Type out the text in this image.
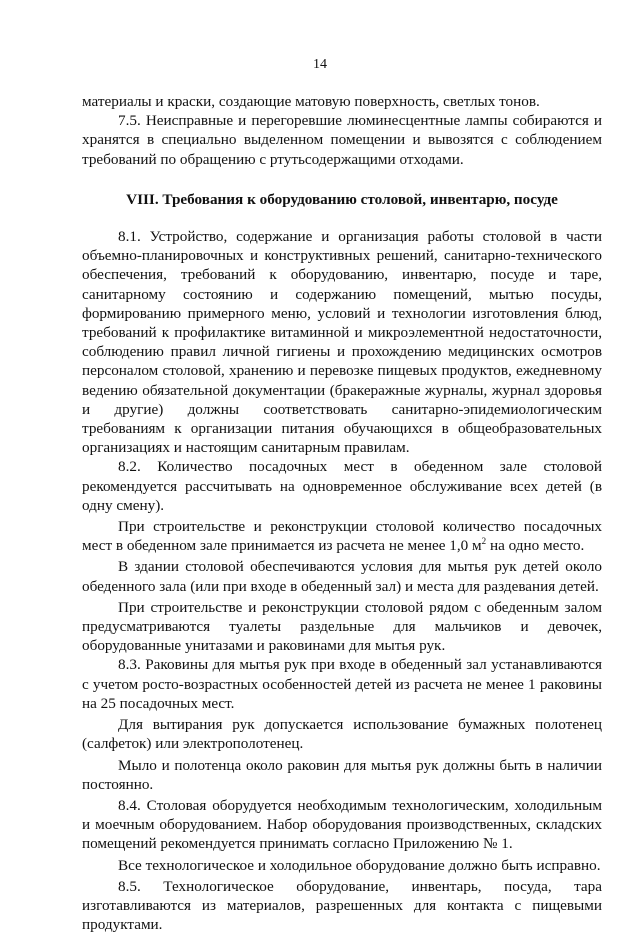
14

материалы и краски, создающие матовую поверхность, светлых тонов.

7.5. Неисправные и перегоревшие люминесцентные лампы собираются и хранятся в специально выделенном помещении и вывозятся с соблюдением требований по обращению с ртутьсодержащими отходами.

VIII. Требования к оборудованию столовой, инвентарю, посуде

8.1. Устройство, содержание и организация работы столовой в части объемно-планировочных и конструктивных решений, санитарно-технического обеспечения, требований к оборудованию, инвентарю, посуде и таре, санитарному состоянию и содержанию помещений, мытью посуды, формированию примерного меню, условий и технологии изготовления блюд, требований к профилактике витаминной и микроэлементной недостаточности, соблюдению правил личной гигиены и прохождению медицинских осмотров персоналом столовой, хранению и перевозке пищевых продуктов, ежедневному ведению обязательной документации (бракеражные журналы, журнал здоровья и другие) должны соответствовать санитарно-эпидемиологическим требованиям к организации питания обучающихся в общеобразовательных организациях и настоящим санитарным правилам.

8.2. Количество посадочных мест в обеденном зале столовой рекомендуется рассчитывать на одновременное обслуживание всех детей (в одну смену).

При строительстве и реконструкции столовой количество посадочных мест в обеденном зале принимается из расчета не менее 1,0 $м^2$ на одно место.

В здании столовой обеспечиваются условия для мытья рук детей около обеденного зала (или при входе в обеденный зал) и места для раздевания детей.

При строительстве и реконструкции столовой рядом с обеденным залом предусматриваются туалеты раздельные для мальчиков и девочек, оборудованные унитазами и раковинами для мытья рук.

8.3. Раковины для мытья рук при входе в обеденный зал устанавливаются с учетом росто-возрастных особенностей детей из расчета не менее 1 раковины на 25 посадочных мест.

Для вытирания рук допускается использование бумажных полотенец (салфеток) или электрополотенец.

Мыло и полотенца около раковин для мытья рук должны быть в наличии постоянно.

8.4. Столовая оборудуется необходимым технологическим, холодильным и моечным оборудованием. Набор оборудования производственных, складских помещений рекомендуется принимать согласно Приложению № 1.

Все технологическое и холодильное оборудование должно быть исправно.

8.5. Технологическое оборудование, инвентарь, посуда, тара изготавливаются из материалов, разрешенных для контакта с пищевыми продуктами.
